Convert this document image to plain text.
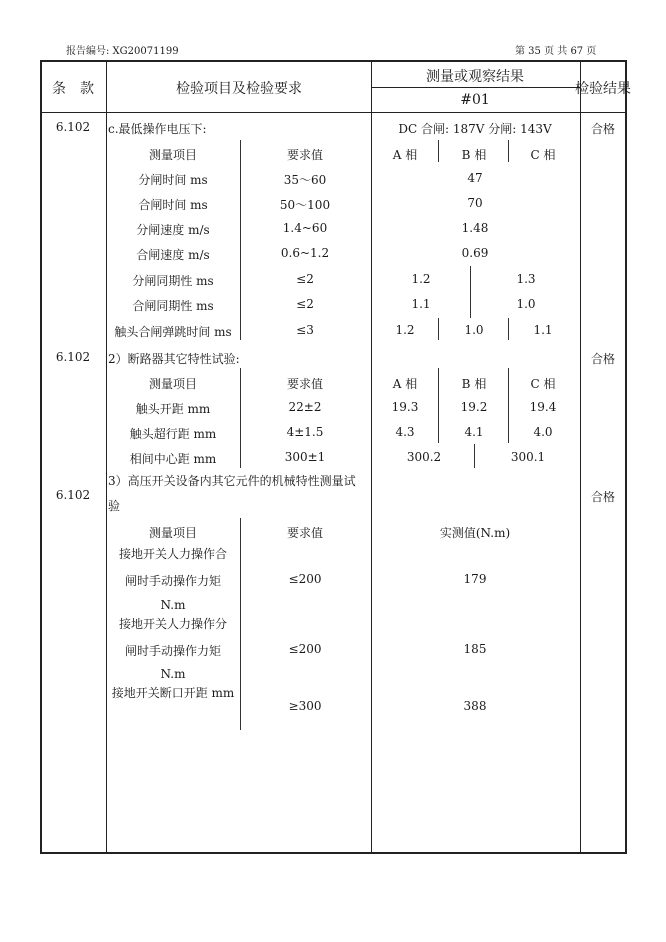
报告编号: XG20071199	第 35 页 共 67 页
条　款	检验项目及检验要求
测量或观察结果
#01
检验结果
6.102 c.最低操作电压下:	DC 合闸: 187V 分闸: 143V	合格
测量项目	要求值	A 相	B 相	C 相
分闸时间 ms	35～60	47
合闸时间 ms	50～100	70
分闸速度 m/s	1.4~60	1.48
合闸速度 m/s	0.6~1.2	0.69
分闸同期性 ms	≤2	1.2	1.3
合闸同期性 ms	≤2	1.1	1.0
触头合闸弹跳时间 ms	≤3	1.2	1.0	1.1
6.102 2）断路器其它特性试验:	合格
测量项目	要求值	A 相	B 相	C 相
触头开距 mm	22±2	19.3	19.2	19.4
触头超行距 mm	4±1.5	4.3	4.1	4.0
相间中心距 mm	300±1	300.2	300.1
3）高压开关设备内其它元件的机械特性测量试
6.102	合格
验
测量项目	要求值	实测值(N.m)
接地开关人力操作合
闸时手动操作力矩	≤200	179
N.m
接地开关人力操作分
闸时手动操作力矩	≤200	185
N.m
接地开关断口开距 mm
≥300	388
